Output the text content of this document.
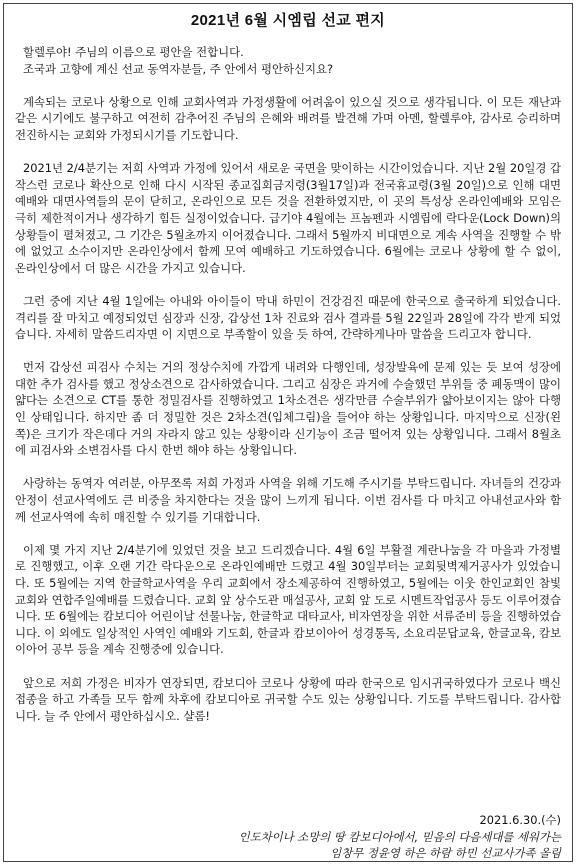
2021년 6월 시엠립 선교 편지

할렐루야! 주님의 이름으로 평안을 전합니다.

조국과 고향에 계신 선교 동역자분들, 주 안에서 평안하신지요?

계속되는 코로나 상황으로 인해 교회사역과 가정생활에 어려움이 있으실 것으로 생각됩니다. 이 모든 재난과 같은 시기에도 불구하고 여전히 감추어진 주님의 은혜와 배려를 발견해 가며 아멘, 할렐루야, 감사로 승리하며 전진하시는 교회와 가정되시기를 기도합니다.

2021년 2/4분기는 저희 사역과 가정에 있어서 새로운 국면을 맞이하는 시간이었습니다. 지난 2월 20일경 갑작스런 코로나 확산으로 인해 다시 시작된 종교집회금지령(3월17일)과 전국휴교령(3월 20일)으로 인해 대면예배와 대면사역들의 문이 닫히고, 온라인으로 모든 것을 전환하였지만, 이 곳의 특성상 온라인예배와 모임은 극히 제한적이거나 생각하기 힘든 실정이었습니다. 급기야 4월에는 프놈펜과 시엠립에 락다운(Lock Down)의 상황들이 펼쳐졌고, 그 기간은 5월초까지 이어졌습니다. 그래서 5월까지 비대면으로 계속 사역을 진행할 수 밖에 없었고 소수이지만 온라인상에서 함께 모여 예배하고 기도하였습니다. 6월에는 코로나 상황에 할 수 없이, 온라인상에서 더 많은 시간을 가지고 있습니다.

그런 중에 지난 4월 1일에는 아내와 아이들이 막내 하민이 건강검진 때문에 한국으로 출국하게 되었습니다. 격리를 잘 마치고 예정되었던 심장과 신장, 갑상선 1차 진료와 검사 결과를 5월 22일과 28일에 각각 받게 되었습니다. 자세히 말씀드리자면 이 지면으로 부족할이 있을 듯 하여, 간략하게나마 말씀을 드리고자 합니다.

먼저 갑상선 피검사 수치는 거의 정상수치에 가깝게 내려와 다행인데, 성장발육에 문제 있는 듯 보여 성장에 대한 추가 검사를 했고 정상소견으로 감사하였습니다. 그리고 심장은 과거에 수술했던 부위들 중 폐동맥이 많이 얇다는 소견으로 CT를 통한 정밀검사를 진행하였고 1차소견은 생각만큼 수술부위가 얇아보이지는 않아 다행인 상태입니다. 하지만 좀 더 정밀한 것은 2차소견(입체그림)을 들어야 하는 상황입니다. 마지막으로 신장(왼쪽)은 크기가 작은데다 거의 자라지 않고 있는 상황이라 신기능이 조금 떨어져 있는 상황입니다. 그래서 8월초에 피검사와 소변검사를 다시 한번 해야 하는 상황입니다.

사랑하는 동역자 여러분, 아무쪼록 저희 가정과 사역을 위해 기도해 주시기를 부탁드립니다. 자녀들의 건강과 안정이 선교사역에도 큰 비중을 차지한다는 것을 많이 느끼게 됩니다. 이번 검사를 다 마치고 아내선교사와 함께 선교사역에 속히 매진할 수 있기를 기대합니다.

이제 몇 가지 지난 2/4분기에 있었던 것을 보고 드리겠습니다. 4월 6일 부활절 계란나눔을 각 마을과 가정별로 진행했고, 이후 오랜 기간 락다운으로 온라인예배만 드렸고 4월 30일부터는 교회뒷벽제거공사가 있었습니다. 또 5월에는 지역 한글학교사역을 우리 교회에서 장소제공하여 진행하였고, 5월에는 이웃 한인교회인 참빛교회와 연합주일예배를 드렸습니다. 교회 앞 상수도관 매설공사, 교회 앞 도로 시멘트작업공사 등도 이루어졌습니다. 또 6월에는 캄보디아 어린이날 선물나눔, 한글학교 대타교사, 비자연장을 위한 서류준비 등을 진행하였습니다. 이 외에도 일상적인 사역인 예배와 기도회, 한글과 캄보이아어 성경통독, 소요리문답교육, 한글교육, 캄보이아어 공부 등을 계속 진행중에 있습니다.

앞으로 저희 가정은 비자가 연장되면, 캄보디아 코로나 상황에 따라 한국으로 임시귀국하였다가 코로나 백신접종을 하고 가족들 모두 함께 차후에 캄보디아로 귀국할 수도 있는 상황입니다. 기도를 부탁드립니다. 감사합니다. 늘 주 안에서 평안하십시오. 샬롬!

2021.6.30.(수)
인도차이나 소망의 땅 캄보디아에서, 믿음의 다음세대를 세워가는
임창무 정윤영 하은 하람 하민 선교사가족 올림
